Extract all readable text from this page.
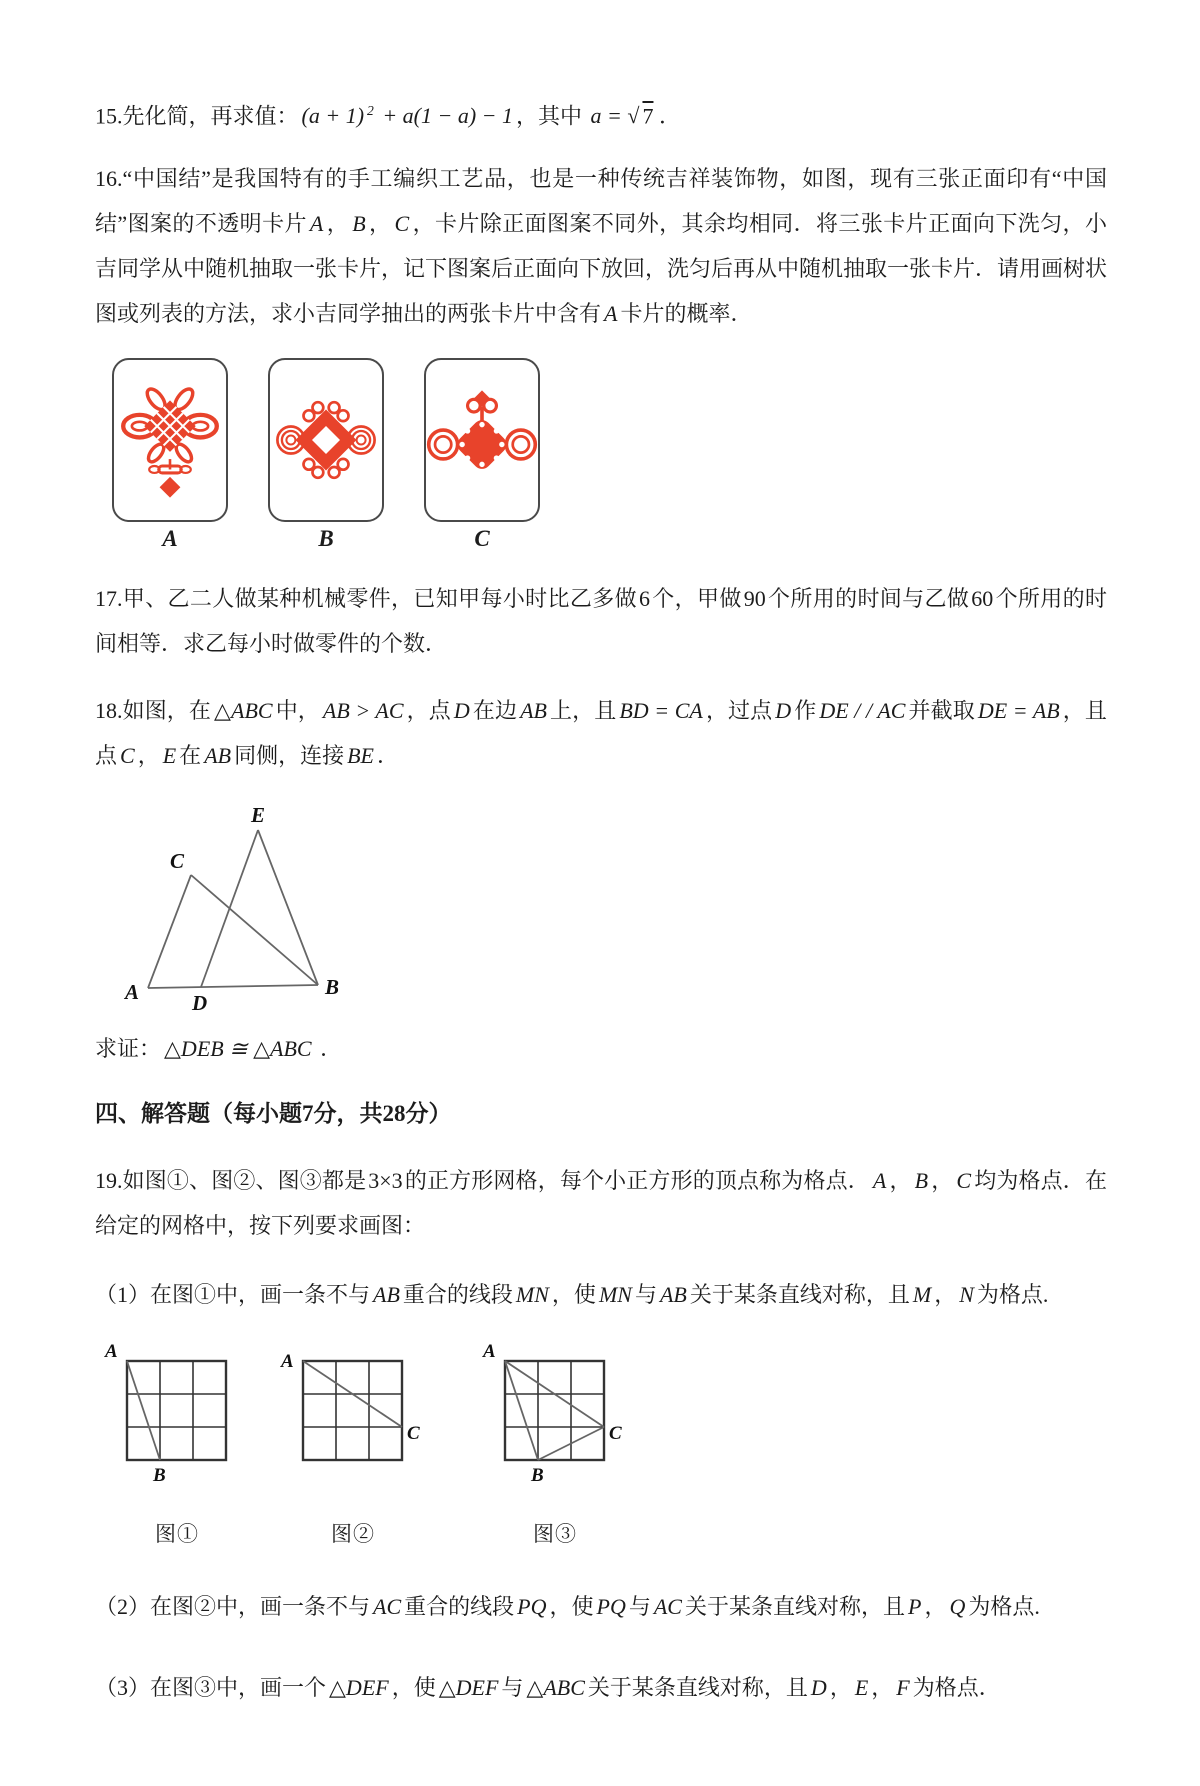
15.先化简，再求值： (a + 1) $^2$ + a(1 − a) − 1 ，其中 a = √ 7 ．

16.“中国结”是我国特有的手工编织工艺品，也是一种传统吉祥装饰物，如图，现有三张正面印有“中国结”图案的不透明卡片 A ， B ， C ，卡片除正面图案不同外，其余均相同．将三张卡片正面向下洗匀，小吉同学从中随机抽取一张卡片，记下图案后正面向下放回，洗匀后再从中随机抽取一张卡片．请用画树状图或列表的方法，求小吉同学抽出的两张卡片中含有 A 卡片的概率．

A	B	C

17.甲、乙二人做某种机械零件，已知甲每小时比乙多做6个，甲做90个所用的时间与乙做60个所用的时间相等．求乙每小时做零件的个数．

18.如图，在 △ABC 中， AB > AC ，点 D 在边 AB 上，且 BD = CA ，过点 D 作 DE / / AC 并截取 DE = AB ，且点 C ， E 在 AB 同侧，连接 BE ．

E
C
A	D
B
求证： △DEB ≅ △ABC ．
四、解答题（每小题7分，共28分）

19.如图①、图②、图③都是3×3的正方形网格，每个小正方形的顶点称为格点． A ， B ， C 均为格点．在给定的网格中，按下列要求画图：

（1）在图①中，画一条不与 AB 重合的线段 MN ，使 MN 与 AB 关于某条直线对称，且 M ， N 为格点.
A
B
图①
A
C
图②
A
B
C
图③
（2）在图②中，画一条不与 AC 重合的线段 PQ ，使 PQ 与 AC 关于某条直线对称，且 P ， Q 为格点.
（3）在图③中，画一个 △DEF ，使 △DEF 与 △ABC 关于某条直线对称，且 D ， E ， F 为格点．
